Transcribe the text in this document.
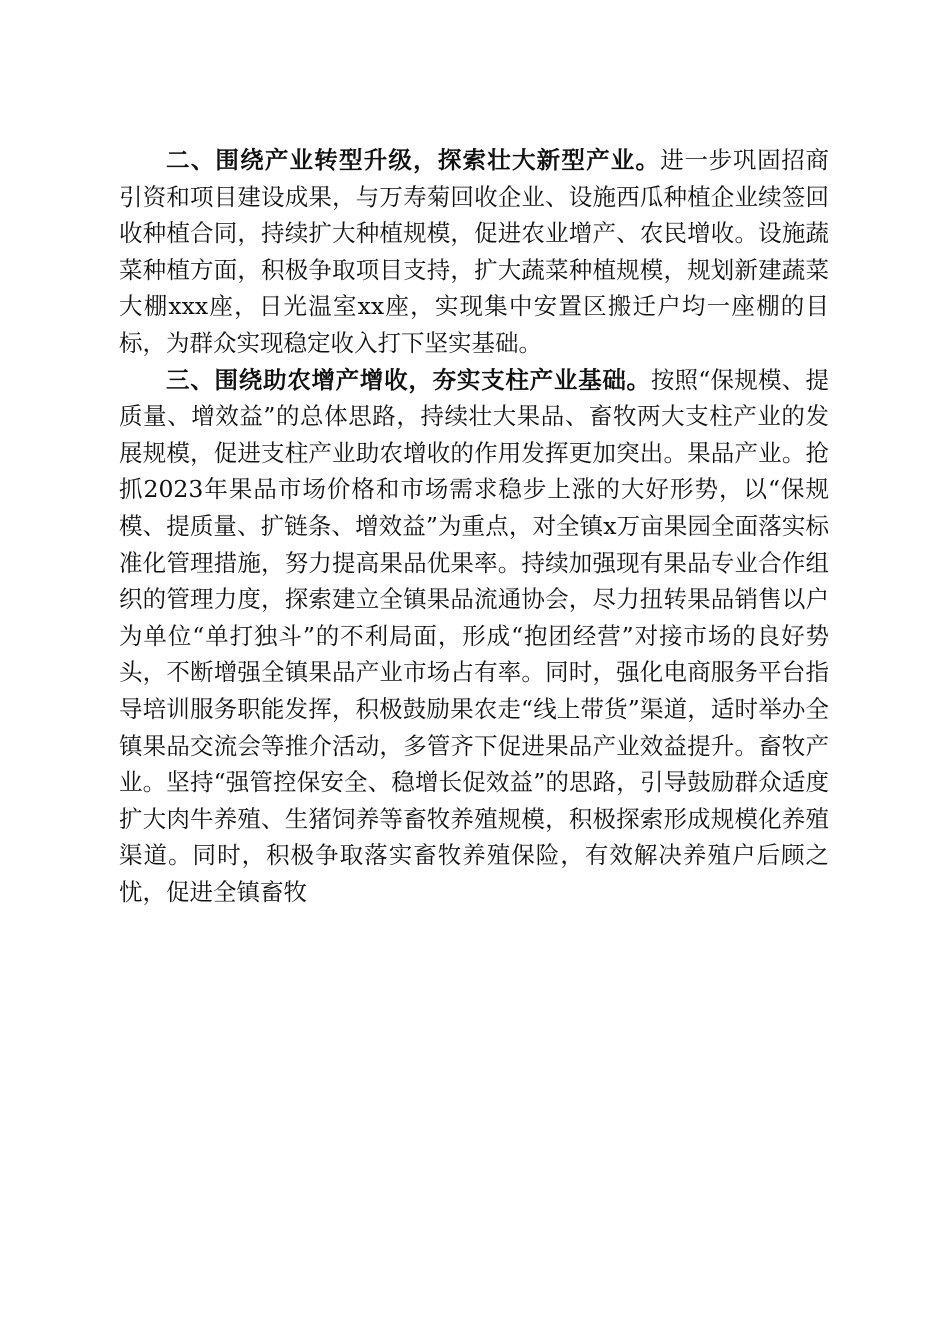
二、围绕产业转型升级，探索壮大新型产业。进一步巩固招商引资和项目建设成果，与万寿菊回收企业、设施西瓜种植企业续签回收种植合同，持续扩大种植规模，促进农业增产、农民增收。设施蔬菜种植方面，积极争取项目支持，扩大蔬菜种植规模，规划新建蔬菜大棚xxx座，日光温室xx座，实现集中安置区搬迁户均一座棚的目标，为群众实现稳定收入打下坚实基础。

三、围绕助农增产增收，夯实支柱产业基础。按照“保规模、提质量、增效益”的总体思路，持续壮大果品、畜牧两大支柱产业的发展规模，促进支柱产业助农增收的作用发挥更加突出。果品产业。抢抓2023年果品市场价格和市场需求稳步上涨的大好形势，以“保规模、提质量、扩链条、增效益”为重点，对全镇x万亩果园全面落实标准化管理措施，努力提高果品优果率。持续加强现有果品专业合作组织的管理力度，探索建立全镇果品流通协会，尽力扭转果品销售以户为单位“单打独斗”的不利局面，形成“抱团经营”对接市场的良好势头，不断增强全镇果品产业市场占有率。同时，强化电商服务平台指导培训服务职能发挥，积极鼓励果农走“线上带货”渠道，适时举办全镇果品交流会等推介活动，多管齐下促进果品产业效益提升。畜牧产业。坚持“强管控保安全、稳增长促效益”的思路，引导鼓励群众适度扩大肉牛养殖、生猪饲养等畜牧养殖规模，积极探索形成规模化养殖渠道。同时，积极争取落实畜牧养殖保险，有效解决养殖户后顾之忧，促进全镇畜牧
